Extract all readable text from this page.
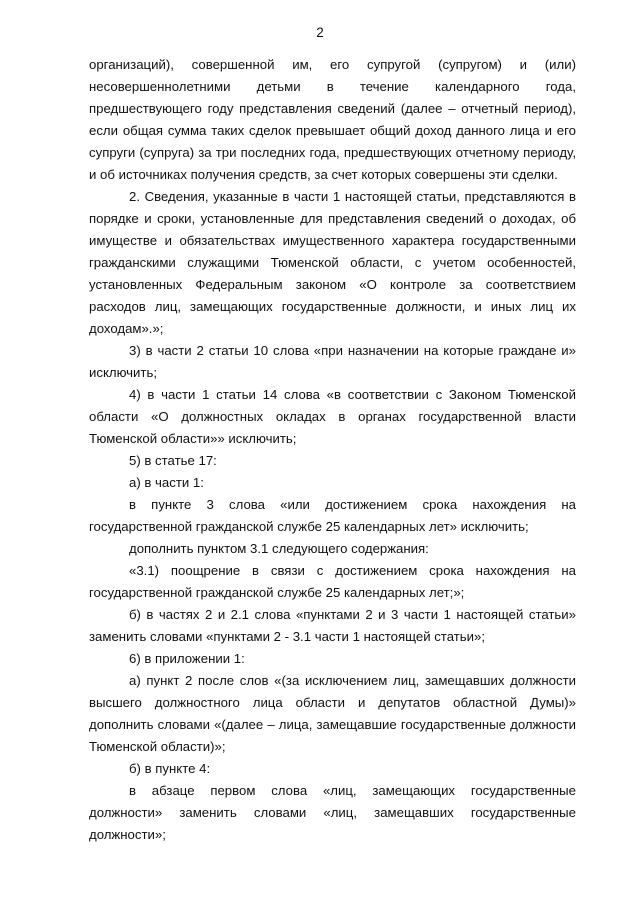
2

организаций), совершенной им, его супругой (супругом) и (или) несовершеннолетними детьми в течение календарного года, предшествующего году представления сведений (далее – отчетный период), если общая сумма таких сделок превышает общий доход данного лица и его супруги (супруга) за три последних года, предшествующих отчетному периоду, и об источниках получения средств, за счет которых совершены эти сделки.

2. Сведения, указанные в части 1 настоящей статьи, представляются в порядке и сроки, установленные для представления сведений о доходах, об имуществе и обязательствах имущественного характера государственными гражданскими служащими Тюменской области, с учетом особенностей, установленных Федеральным законом «О контроле за соответствием расходов лиц, замещающих государственные должности, и иных лиц их доходам».»;

3) в части 2 статьи 10 слова «при назначении на которые граждане и» исключить;

4) в части 1 статьи 14 слова «в соответствии с Законом Тюменской области «О должностных окладах в органах государственной власти Тюменской области»» исключить;

5) в статье 17:

а) в части 1:

в пункте 3 слова «или достижением срока нахождения на государственной гражданской службе 25 календарных лет» исключить;

дополнить пунктом 3.1 следующего содержания:

«3.1) поощрение в связи с достижением срока нахождения на государственной гражданской службе 25 календарных лет;»;

б) в частях 2 и 2.1 слова «пунктами 2 и 3 части 1 настоящей статьи» заменить словами «пунктами 2 - 3.1 части 1 настоящей статьи»;

6) в приложении 1:

а) пункт 2 после слов «(за исключением лиц, замещавших должности высшего должностного лица области и депутатов областной Думы)» дополнить словами «(далее – лица, замещавшие государственные должности Тюменской области)»;

б) в пункте 4:

в абзаце первом слова «лиц, замещающих государственные должности» заменить словами «лиц, замещавших государственные должности»;
